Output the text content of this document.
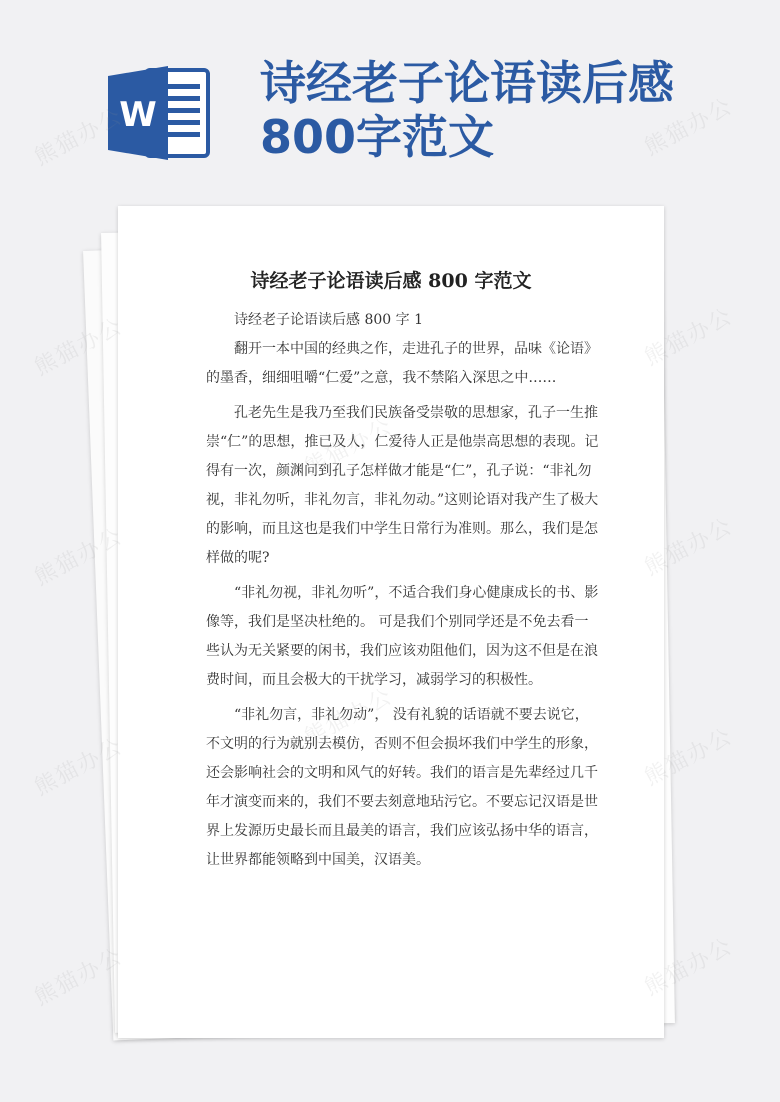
W
诗经老子论语读后感800字范文
诗经老子论语读后感 800 字范文

诗经老子论语读后感 800 字 1

翻开一本中国的经典之作，走进孔子的世界，品味《论语》的墨香，细细咀嚼“仁爱”之意，我不禁陷入深思之中……

孔老先生是我乃至我们民族备受崇敬的思想家，孔子一生推崇“仁”的思想，推已及人，仁爱待人正是他崇高思想的表现。记得有一次，颜渊问到孔子怎样做才能是“仁”，孔子说：“非礼勿视，非礼勿听，非礼勿言，非礼勿动。”这则论语对我产生了极大的影响，而且这也是我们中学生日常行为准则。那么，我们是怎样做的呢?

“非礼勿视，非礼勿听”，不适合我们身心健康成长的书、影像等，我们是坚决杜绝的。 可是我们个别同学还是不免去看一些认为无关紧要的闲书，我们应该劝阻他们，因为这不但是在浪费时间，而且会极大的干扰学习，减弱学习的积极性。

“非礼勿言，非礼勿动”， 没有礼貌的话语就不要去说它，不文明的行为就别去模仿，否则不但会损坏我们中学生的形象，还会影响社会的文明和风气的好转。我们的语言是先辈经过几千年才演变而来的，我们不要去刻意地玷污它。不要忘记汉语是世界上发源历史最长而且最美的语言，我们应该弘扬中华的语言， 让世界都能领略到中国美，汉语美。

熊猫办公	熊猫办公
熊猫办公	熊猫办公
熊猫办公	熊猫办公
熊猫办公	熊猫办公
熊猫办公	熊猫办公
